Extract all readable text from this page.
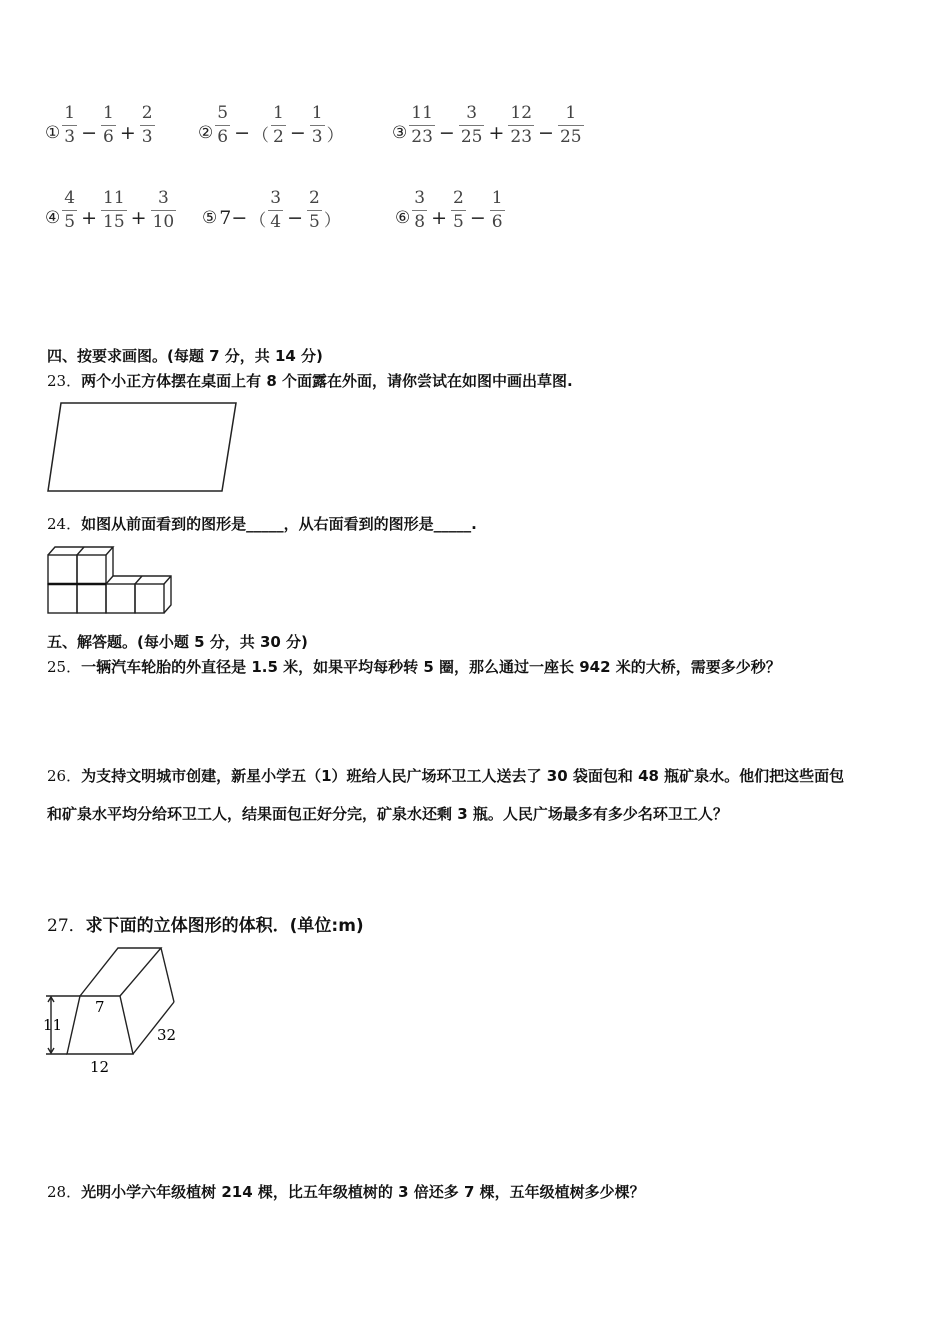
① $\frac{1}{3} - \frac{1}{6} + \frac{2}{3}$	② $\frac{5}{6}$ − （ $\frac{1}{2} - \frac{1}{3}$ ）	③ $\frac{11}{23} - \frac{3}{25} + \frac{12}{23} - \frac{1}{25}$
④ $\frac{4}{5} + \frac{11}{15} + \frac{3}{10}$ ⑤ 7− （ $\frac{3}{4} - \frac{2}{5}$ ）	⑥ $\frac{3}{8} + \frac{2}{5} - \frac{1}{6}$
四、按要求画图。(每题 7 分，共 14 分)
23．两个小正方体摆在桌面上有 8 个面露在外面，请你尝试在如图中画出草图.
24．如图从前面看到的图形是_____，从右面看到的图形是_____.
五、解答题。(每小题 5 分，共 30 分)
25．一辆汽车轮胎的外直径是 1.5 米，如果平均每秒转 5 圈，那么通过一座长 942 米的大桥，需要多少秒？
26．为支持文明城市创建，新星小学五（1）班给人民广场环卫工人送去了 30 袋面包和 48 瓶矿泉水。他们把这些面包
和矿泉水平均分给环卫工人，结果面包正好分完，矿泉水还剩 3 瓶。人民广场最多有多少名环卫工人？
27．求下面的立体图形的体积．(单位:m)
7
11
12
32
28．光明小学六年级植树 214 棵，比五年级植树的 3 倍还多 7 棵，五年级植树多少棵？
